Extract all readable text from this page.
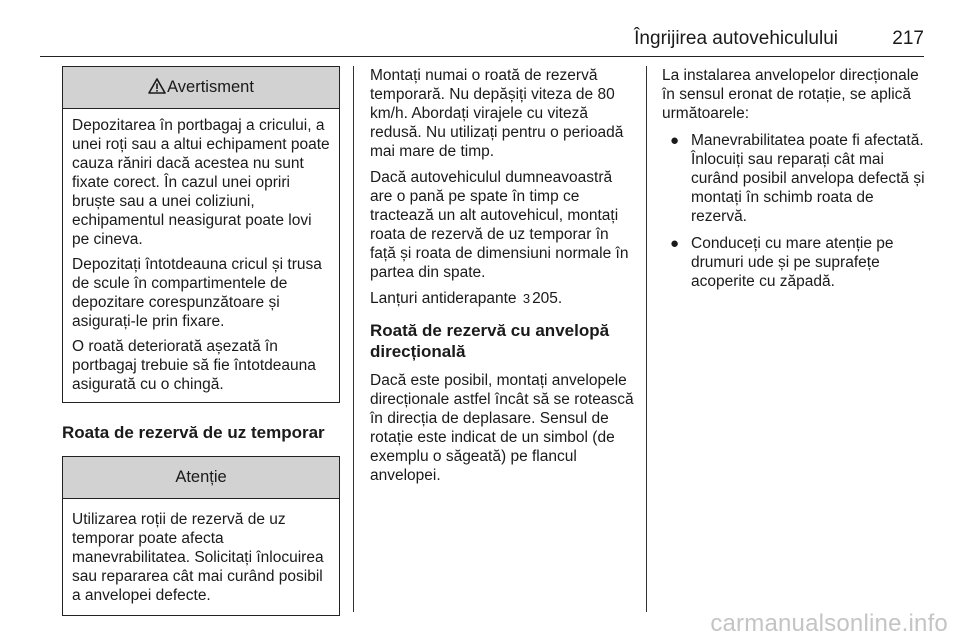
Îngrijirea autovehiculului	217
Avertisment

Depozitarea în portbagaj a cricului, a unei roți sau a altui echipament poate cauza răniri dacă acestea nu sunt fixate corect. În cazul unei opriri bruște sau a unei coliziuni, echipamentul neasigurat poate lovi pe cineva.

Depozitați întotdeauna cricul și trusa de scule în compartimentele de depozitare corespunzătoare și asigurați-le prin fixare.

O roată deteriorată așezată în portbagaj trebuie să fie întotdeauna asigurată cu o chingă.

Roata de rezervă de uz temporar
Atenție

Utilizarea roții de rezervă de uz temporar poate afecta manevrabilitatea. Solicitați înlocuirea sau repararea cât mai curând posibil a anvelopei defecte.

Montați numai o roată de rezervă temporară. Nu depășiți viteza de 80 km/h. Abordați virajele cu viteză redusă. Nu utilizați pentru o perioadă mai mare de timp.

Dacă autovehiculul dumneavoastră are o pană pe spate în timp ce tractează un alt autovehicul, montați roata de rezervă de uz temporar în față și roata de dimensiuni normale în partea din spate.

Lanțuri antiderapante 3 205.

Roată de rezervă cu anvelopă direcțională

Dacă este posibil, montați anvelopele direcționale astfel încât să se rotească în direcția de deplasare. Sensul de rotație este indicat de un simbol (de exemplu o săgeată) pe flancul anvelopei.

La instalarea anvelopelor direcționale în sensul eronat de rotație, se aplică următoarele:

● Manevrabilitatea poate fi afectată. Înlocuiți sau reparați cât mai curând posibil anvelopa defectă și montați în schimb roata de rezervă.
● Conduceți cu mare atenție pe drumuri ude și pe suprafețe acoperite cu zăpadă.
carmanualsonline.info
